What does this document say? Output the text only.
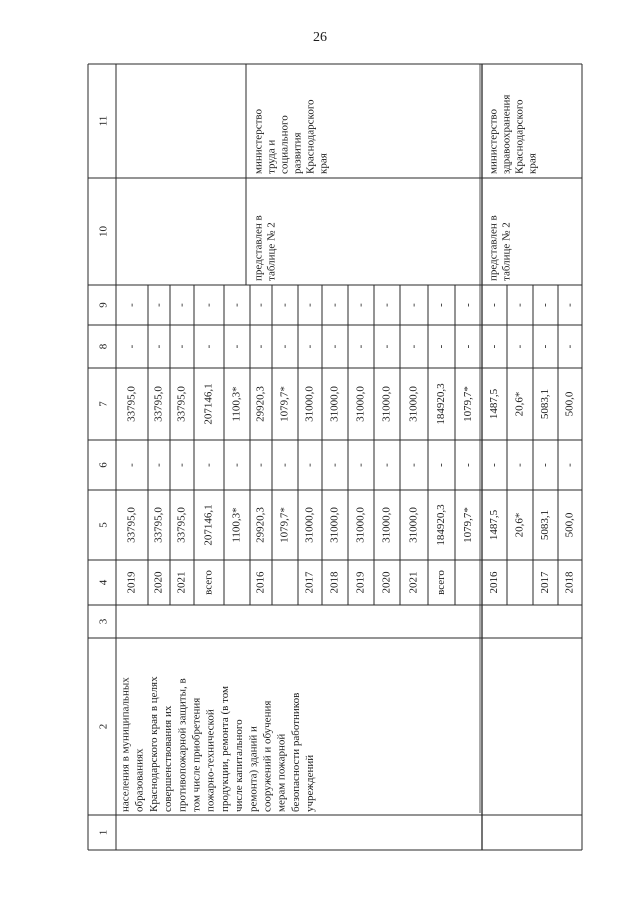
26
1
2
3
4
5
6
7
8
9
10
11
2019
33795,0
-
33795,0
-
-
2020
33795,0
-
33795,0
-
-
2021
33795,0
-
33795,0
-
-
всего
207146,1
-
207146,1
-
-
1100,3*
-
1100,3*
-
-
2016
29920,3
-
29920,3
-
-
1079,7*
-
1079,7*
-
-
2017
31000,0
-
31000,0
-
-
2018
31000,0
-
31000,0
-
-
2019
31000,0
-
31000,0
-
-
2020
31000,0
-
31000,0
-
-
2021
31000,0
-
31000,0
-
-
всего
184920,3
-
184920,3
-
-
1079,7*
-
1079,7*
-
-
2016
1487,5
-
1487,5
-
-
20,6*
-
20,6*
-
-
2017
5083,1
-
5083,1
-
-
2018
500,0
-
500,0
-
-
населения в муниципальных образованиях Краснодарского края в целях совершенствования их противопожарной защиты, в том числе приобретения пожарно-технической продукции, ремонта (в том числе капитального ремонта) зданий и сооружений и обучения мерам пожарной безопасности работников учреждений
представлен в таблице № 2
министерство труда и социального развития Краснодарского края
представлен в таблице № 2
министерство здравоохранения Краснодарского края
